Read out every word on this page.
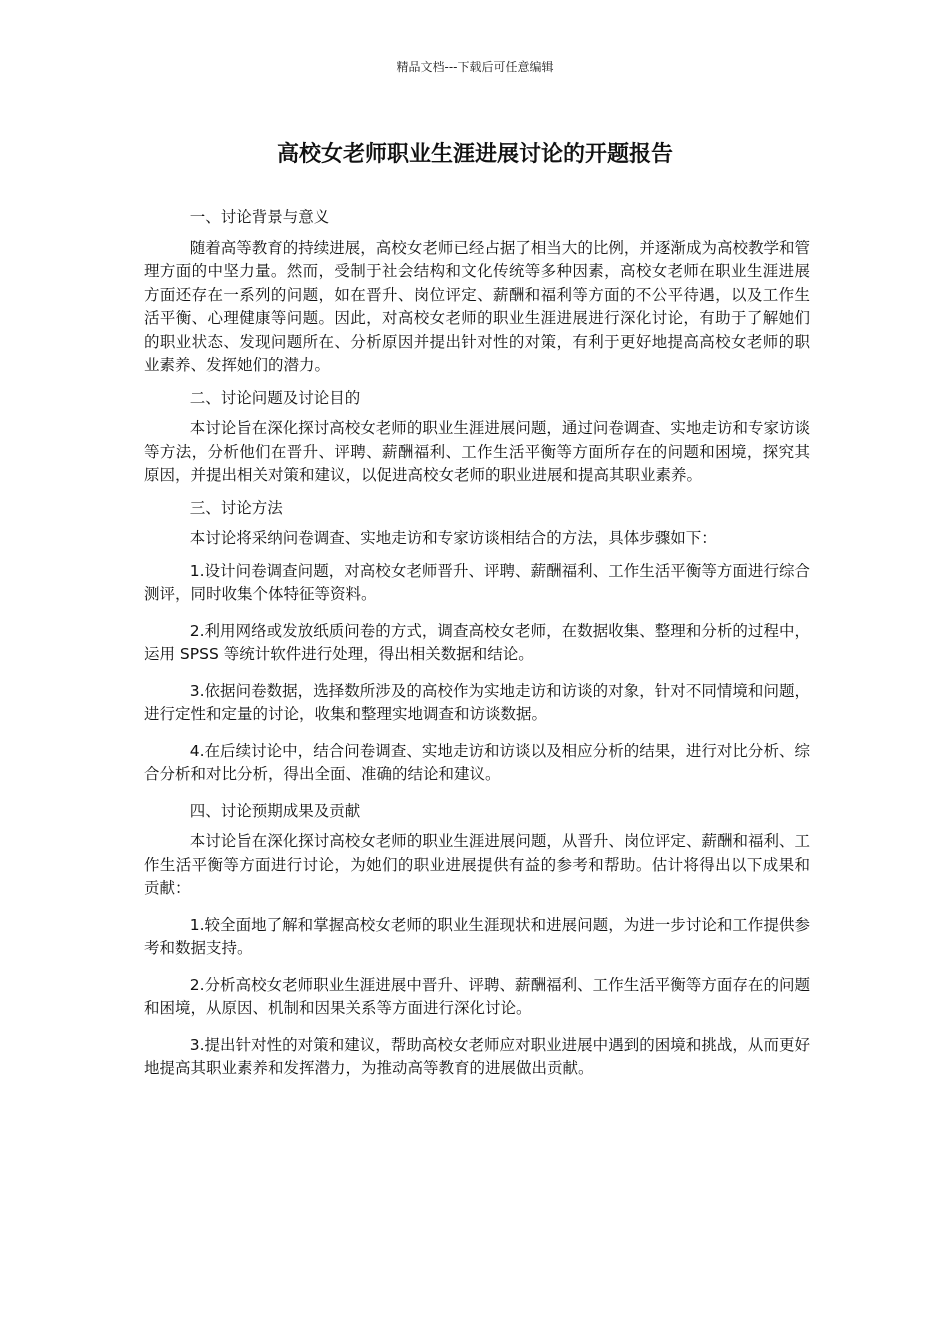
精品文档---下载后可任意编辑
高校女老师职业生涯进展讨论的开题报告

一、讨论背景与意义

随着高等教育的持续进展，高校女老师已经占据了相当大的比例，并逐渐成为高校教学和管理方面的中坚力量。然而，受制于社会结构和文化传统等多种因素，高校女老师在职业生涯进展方面还存在一系列的问题，如在晋升、岗位评定、薪酬和福利等方面的不公平待遇，以及工作生活平衡、心理健康等问题。因此，对高校女老师的职业生涯进展进行深化讨论，有助于了解她们的职业状态、发现问题所在、分析原因并提出针对性的对策，有利于更好地提高高校女老师的职业素养、发挥她们的潜力。

二、讨论问题及讨论目的

本讨论旨在深化探讨高校女老师的职业生涯进展问题，通过问卷调查、实地走访和专家访谈等方法，分析他们在晋升、评聘、薪酬福利、工作生活平衡等方面所存在的问题和困境，探究其原因，并提出相关对策和建议，以促进高校女老师的职业进展和提高其职业素养。

三、讨论方法

本讨论将采纳问卷调查、实地走访和专家访谈相结合的方法，具体步骤如下：

1.设计问卷调查问题，对高校女老师晋升、评聘、薪酬福利、工作生活平衡等方面进行综合测评，同时收集个体特征等资料。

2.利用网络或发放纸质问卷的方式，调查高校女老师，在数据收集、整理和分析的过程中，运用 SPSS 等统计软件进行处理，得出相关数据和结论。

3.依据问卷数据，选择数所涉及的高校作为实地走访和访谈的对象，针对不同情境和问题，进行定性和定量的讨论，收集和整理实地调查和访谈数据。

4.在后续讨论中，结合问卷调查、实地走访和访谈以及相应分析的结果，进行对比分析、综合分析和对比分析，得出全面、准确的结论和建议。

四、讨论预期成果及贡献

本讨论旨在深化探讨高校女老师的职业生涯进展问题，从晋升、岗位评定、薪酬和福利、工作生活平衡等方面进行讨论，为她们的职业进展提供有益的参考和帮助。估计将得出以下成果和贡献：

1.较全面地了解和掌握高校女老师的职业生涯现状和进展问题，为进一步讨论和工作提供参考和数据支持。

2.分析高校女老师职业生涯进展中晋升、评聘、薪酬福利、工作生活平衡等方面存在的问题和困境，从原因、机制和因果关系等方面进行深化讨论。

3.提出针对性的对策和建议，帮助高校女老师应对职业进展中遇到的困境和挑战，从而更好地提高其职业素养和发挥潜力，为推动高等教育的进展做出贡献。
